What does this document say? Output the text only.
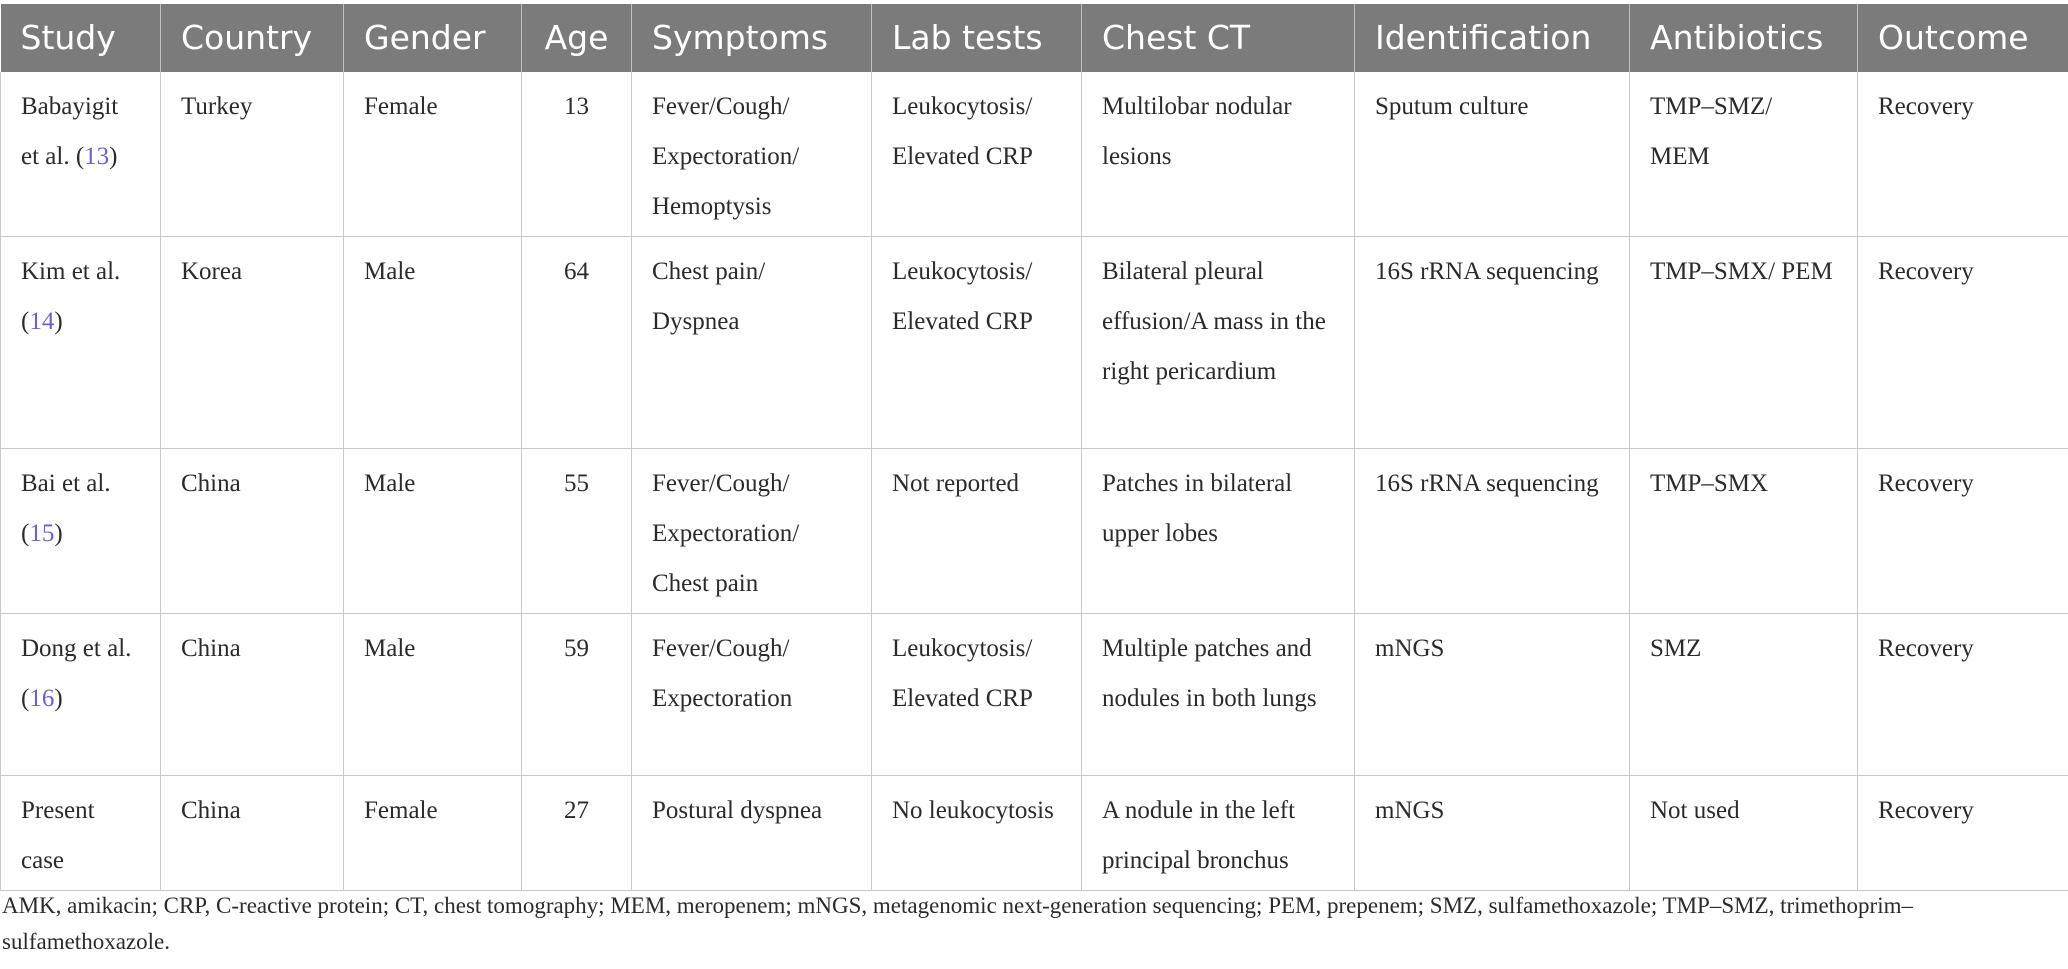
Study	Country	Gender	Age	Symptoms	Lab tests	Chest CT	Identification	Antibiotics	Outcome
Babayigit et al. (13)	Turkey	Female	13	Fever/Cough/ Expectoration/ Hemoptysis	Leukocytosis/ Elevated CRP	Multilobar nodular lesions	Sputum culture	TMP–SMZ/ MEM	Recovery
Kim et al. (14)	Korea	Male	64	Chest pain/ Dyspnea	Leukocytosis/ Elevated CRP	Bilateral pleural effusion/A mass in the right pericardium	16S rRNA sequencing	TMP–SMX/ PEM	Recovery
Bai et al. (15)	China	Male	55	Fever/Cough/ Expectoration/ Chest pain	Not reported	Patches in bilateral upper lobes	16S rRNA sequencing	TMP–SMX	Recovery
Dong et al. (16)	China	Male	59	Fever/Cough/ Expectoration	Leukocytosis/ Elevated CRP	Multiple patches and nodules in both lungs	mNGS	SMZ	Recovery
Present case	China	Female	27	Postural dyspnea	No leukocytosis	A nodule in the left principal bronchus	mNGS	Not used	Recovery
AMK, amikacin; CRP, C-reactive protein; CT, chest tomography; MEM, meropenem; mNGS, metagenomic next-generation sequencing; PEM, prepenem; SMZ, sulfamethoxazole; TMP–SMZ, trimethoprim–sulfamethoxazole.
